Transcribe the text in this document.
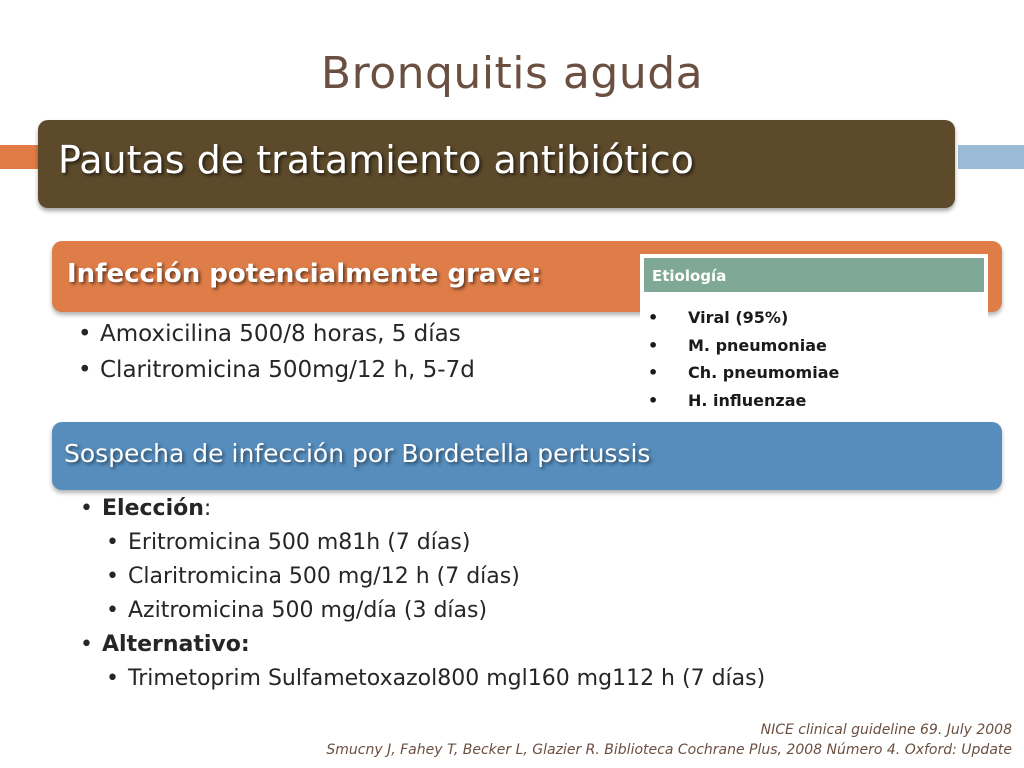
Bronquitis aguda
Pautas de tratamiento antibiótico
Infección potencialmente grave:
• Amoxicilina 500/8 horas, 5 días
• Claritromicina 500mg/12 h, 5-7d
Etiología
• Viral (95%)
• M. pneumoniae
• Ch. pneumomiae
• H. influenzae
Sospecha de infección por Bordetella pertussis
• Elección:
• Eritromicina 500 m81h (7 días)
• Claritromicina 500 mg/12 h (7 días)
• Azitromicina 500 mg/día (3 días)
• Alternativo:
• Trimetoprim Sulfametoxazol800 mgl160 mg112 h (7 días)
NICE clinical guideline 69. July 2008
Smucny J, Fahey T, Becker L, Glazier R. Biblioteca Cochrane Plus, 2008 Número 4. Oxford: Update
